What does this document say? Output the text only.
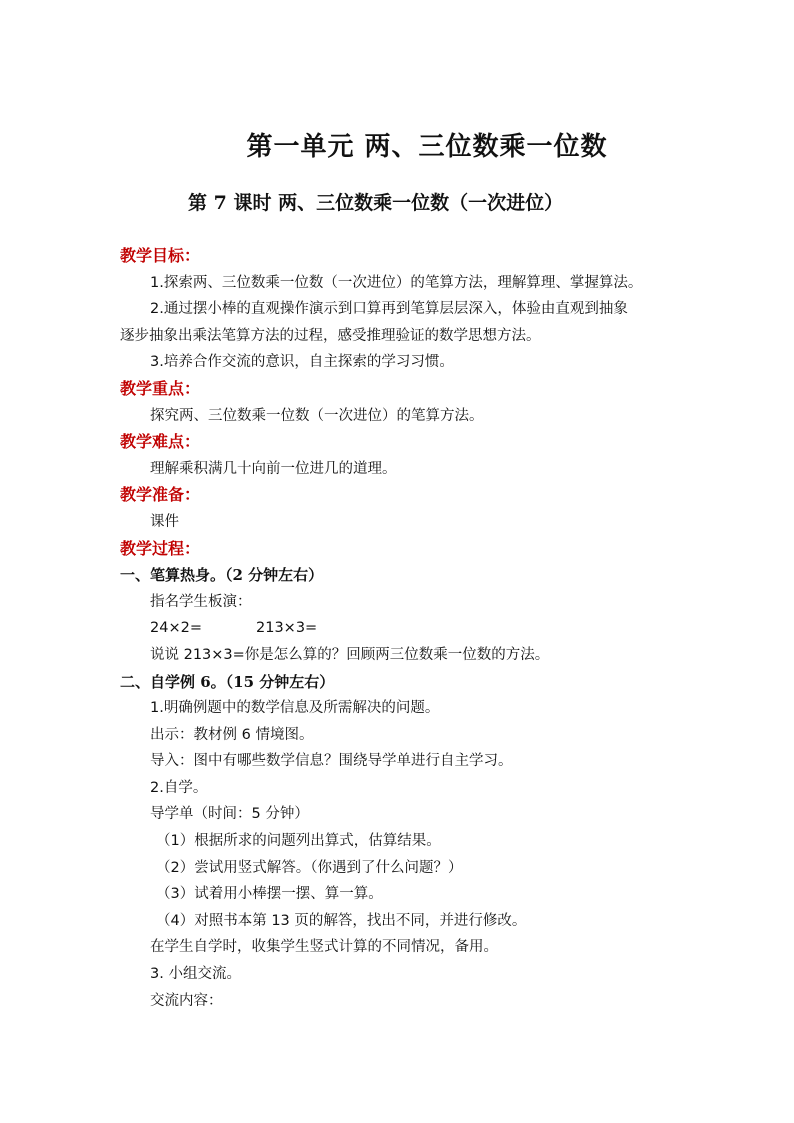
第一单元 两、三位数乘一位数
第 7 课时 两、三位数乘一位数（一次进位）
教学目标：
1.探索两、三位数乘一位数（一次进位）的笔算方法，理解算理、掌握算法。
2.通过摆小棒的直观操作演示到口算再到笔算层层深入，体验由直观到抽象
逐步抽象出乘法笔算方法的过程，感受推理验证的数学思想方法。
3.培养合作交流的意识，自主探索的学习习惯。
教学重点：
探究两、三位数乘一位数（一次进位）的笔算方法。
教学难点：
理解乘积满几十向前一位进几的道理。
教学准备：
课件
教学过程：
一、笔算热身。（2 分钟左右）
指名学生板演：
24×2=	213×3=
说说 213×3=你是怎么算的？回顾两三位数乘一位数的方法。
二、自学例 6。（15 分钟左右）
1.明确例题中的数学信息及所需解决的问题。
出示：教材例 6 情境图。
导入：图中有哪些数学信息？围绕导学单进行自主学习。
2.自学。
导学单（时间：5 分钟）
（1）根据所求的问题列出算式，估算结果。
（2）尝试用竖式解答。（你遇到了什么问题？）
（3）试着用小棒摆一摆、算一算。
（4）对照书本第 13 页的解答，找出不同，并进行修改。
在学生自学时，收集学生竖式计算的不同情况，备用。
3. 小组交流。
交流内容：
